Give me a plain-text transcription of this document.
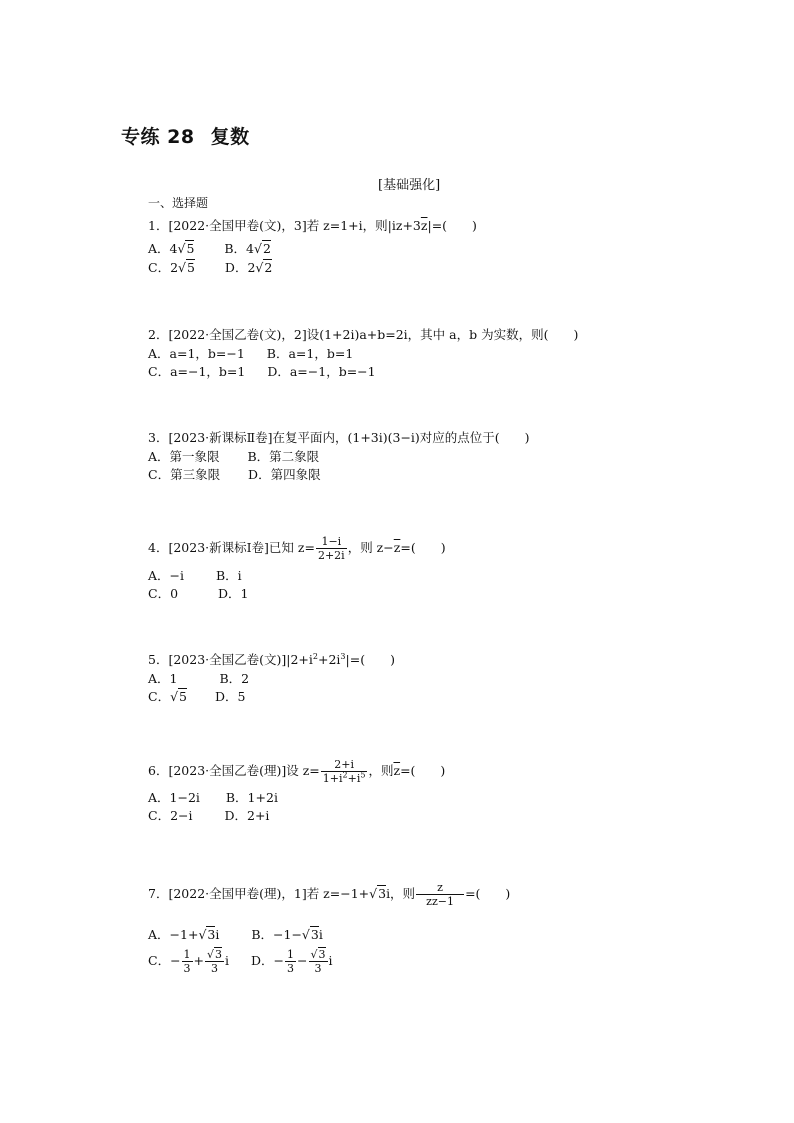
专练 28 复数
[基础强化]
一、选择题
1．[2022·全国甲卷(文)，3]若 z=1+i，则$|iz+3\overline{z}|=$(　　)
A．4√5 B．4√2
C．2√5 D．2√2
2．[2022·全国乙卷(文)，2]设(1+2i)a+b=2i，其中 a，b 为实数，则(　　)
A．a=1，b=−1 B．a=1，b=1
C．a=−1，b=1 D．a=−1，b=−1
3．[2023·新课标Ⅱ卷]在复平面内，(1+3i)(3−i)对应的点位于(　　)
A．第一象限 B．第二象限
C．第三象限 D．第四象限
4．[2023·新课标Ⅰ卷]已知 $z= \frac{1-i}{2+2i}$ ，则 $z-\overline{z}=$(　　)
A．−i	B．i
C．0	D．1
5．[2023·全国乙卷(文)]$|2+i^2+2i^3|=$(　　)
A．1	B．2
C．√5 D．5
6．[2023·全国乙卷(理)]设 $z= \frac{2+i}{1+i^2+i^5}$ ，则$\overline{z}=$(　　)
A．1−2i B．1+2i
C．2−i	D．2+i
7．[2022·全国甲卷(理)，1]若 z=−1+√3i，则 $\frac{z}{z\overline{z}-1}$ =(　　)
A．−1+√3i	B．−1−√3i
C．− $\frac{1}{3} + \frac{√3}{3}$ i D．− $\frac{1}{3} - \frac{√3}{3}$ i
